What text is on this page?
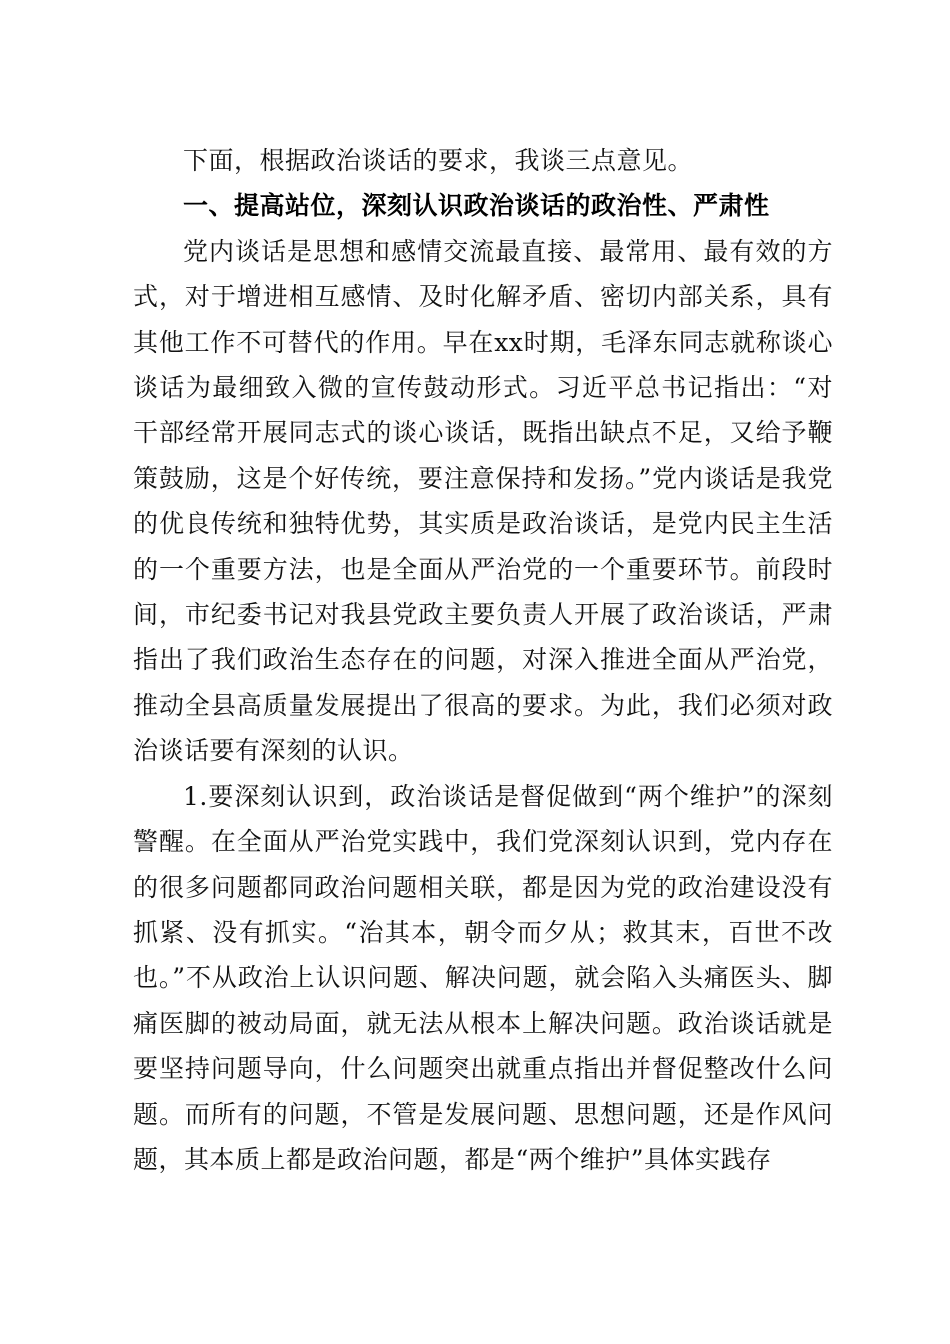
下面，根据政治谈话的要求，我谈三点意见。

一、提高站位，深刻认识政治谈话的政治性、严肃性

党内谈话是思想和感情交流最直接、最常用、最有效的方式，对于增进相互感情、及时化解矛盾、密切内部关系，具有其他工作不可替代的作用。早在xx时期，毛泽东同志就称谈心谈话为最细致入微的宣传鼓动形式。习近平总书记指出：“对干部经常开展同志式的谈心谈话，既指出缺点不足，又给予鞭策鼓励，这是个好传统，要注意保持和发扬。”党内谈话是我党的优良传统和独特优势，其实质是政治谈话，是党内民主生活的一个重要方法，也是全面从严治党的一个重要环节。前段时间，市纪委书记对我县党政主要负责人开展了政治谈话，严肃指出了我们政治生态存在的问题，对深入推进全面从严治党，推动全县高质量发展提出了很高的要求。为此，我们必须对政治谈话要有深刻的认识。

1.要深刻认识到，政治谈话是督促做到“两个维护”的深刻警醒。在全面从严治党实践中，我们党深刻认识到，党内存在的很多问题都同政治问题相关联，都是因为党的政治建设没有抓紧、没有抓实。“治其本，朝令而夕从；救其末，百世不改也。”不从政治上认识问题、解决问题，就会陷入头痛医头、脚痛医脚的被动局面，就无法从根本上解决问题。政治谈话就是要坚持问题导向，什么问题突出就重点指出并督促整改什么问题。而所有的问题，不管是发展问题、思想问题，还是作风问题，其本质上都是政治问题，都是“两个维护”具体实践存
